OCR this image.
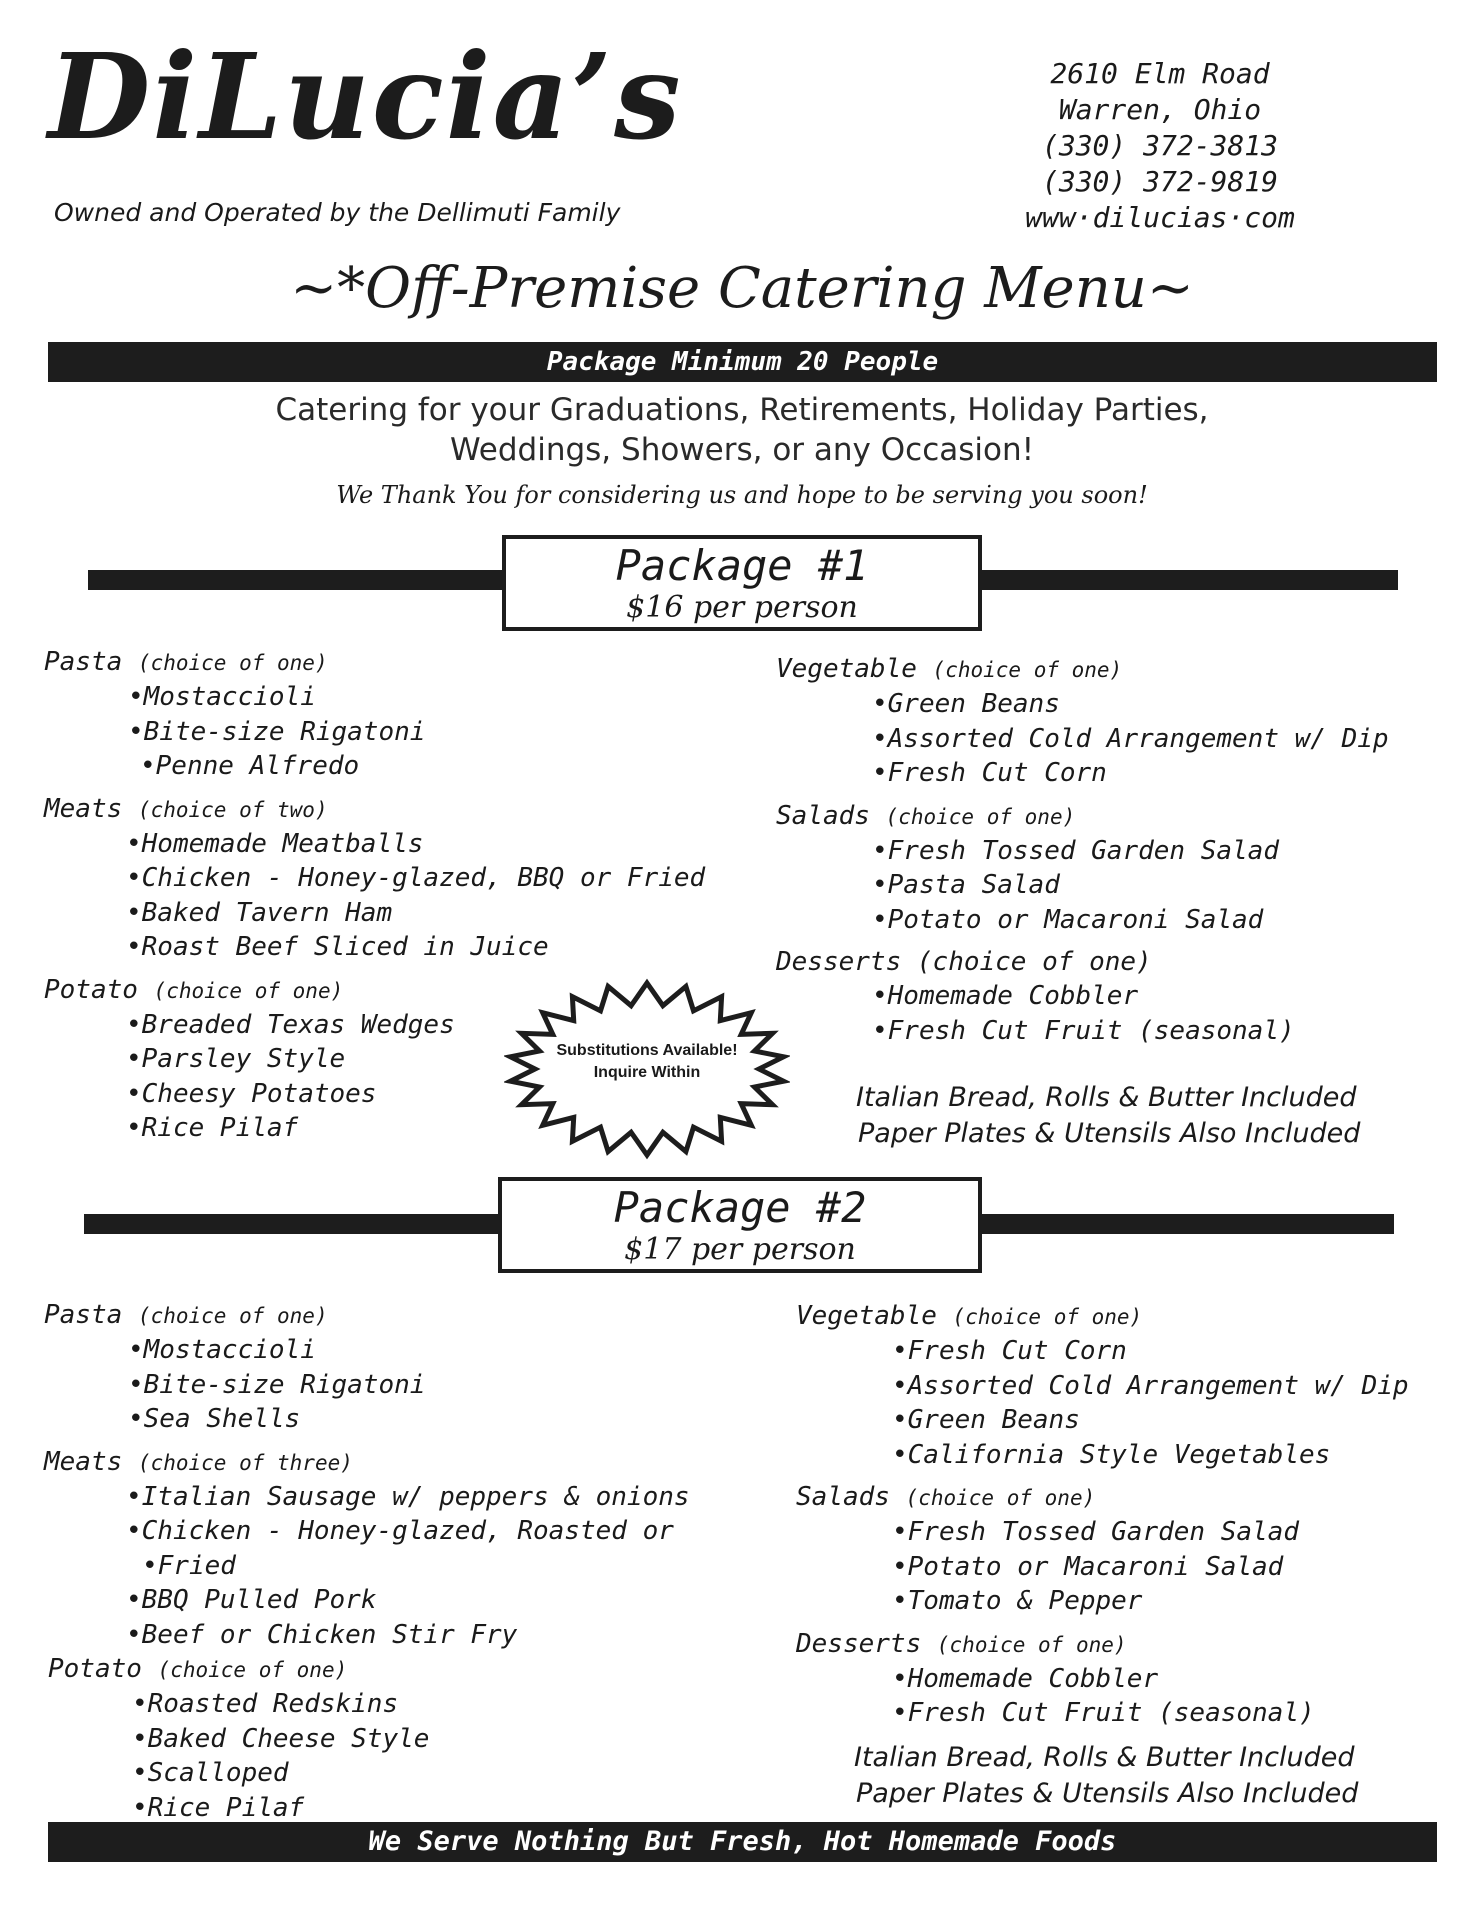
DiLucia’s
Owned and Operated by the Dellimuti Family
2610 Elm Road
Warren, Ohio
(330) 372-3813
(330) 372-9819
www·dilucias·com
~*Off-Premise Catering Menu~
Package Minimum 20 People
Catering for your Graduations, Retirements, Holiday Parties,
Weddings, Showers, or any Occasion!
We Thank You for considering us and hope to be serving you soon!
Package #1
$16 per person
Pasta (choice of one)
• Mostaccioli
• Bite-size Rigatoni
• Penne Alfredo
Meats (choice of two)
• Homemade Meatballs
• Chicken - Honey-glazed, BBQ or Fried
• Baked Tavern Ham
• Roast Beef Sliced in Juice
Potato (choice of one)
• Breaded Texas Wedges
• Parsley Style
• Cheesy Potatoes
• Rice Pilaf
Substitutions Available!
Inquire Within
Vegetable (choice of one)
• Green Beans
• Assorted Cold Arrangement w/ Dip
• Fresh Cut Corn
Salads (choice of one)
• Fresh Tossed Garden Salad
• Pasta Salad
• Potato or Macaroni Salad
Desserts (choice of one)
• Homemade Cobbler
• Fresh Cut Fruit (seasonal)
Italian Bread, Rolls & Butter Included
Paper Plates & Utensils Also Included
Package #2
$17 per person
Pasta (choice of one)
• Mostaccioli
• Bite-size Rigatoni
• Sea Shells
Meats (choice of three)
• Italian Sausage w/ peppers & onions
• Chicken - Honey-glazed, Roasted or
• Fried
• BBQ Pulled Pork
• Beef or Chicken Stir Fry
Potato (choice of one)
• Roasted Redskins
• Baked Cheese Style
• Scalloped
• Rice Pilaf
Vegetable (choice of one)
• Fresh Cut Corn
• Assorted Cold Arrangement w/ Dip
• Green Beans
• California Style Vegetables
Salads (choice of one)
• Fresh Tossed Garden Salad
• Potato or Macaroni Salad
• Tomato & Pepper
Desserts (choice of one)
• Homemade Cobbler
• Fresh Cut Fruit (seasonal)
Italian Bread, Rolls & Butter Included
Paper Plates & Utensils Also Included
We Serve Nothing But Fresh, Hot Homemade Foods
